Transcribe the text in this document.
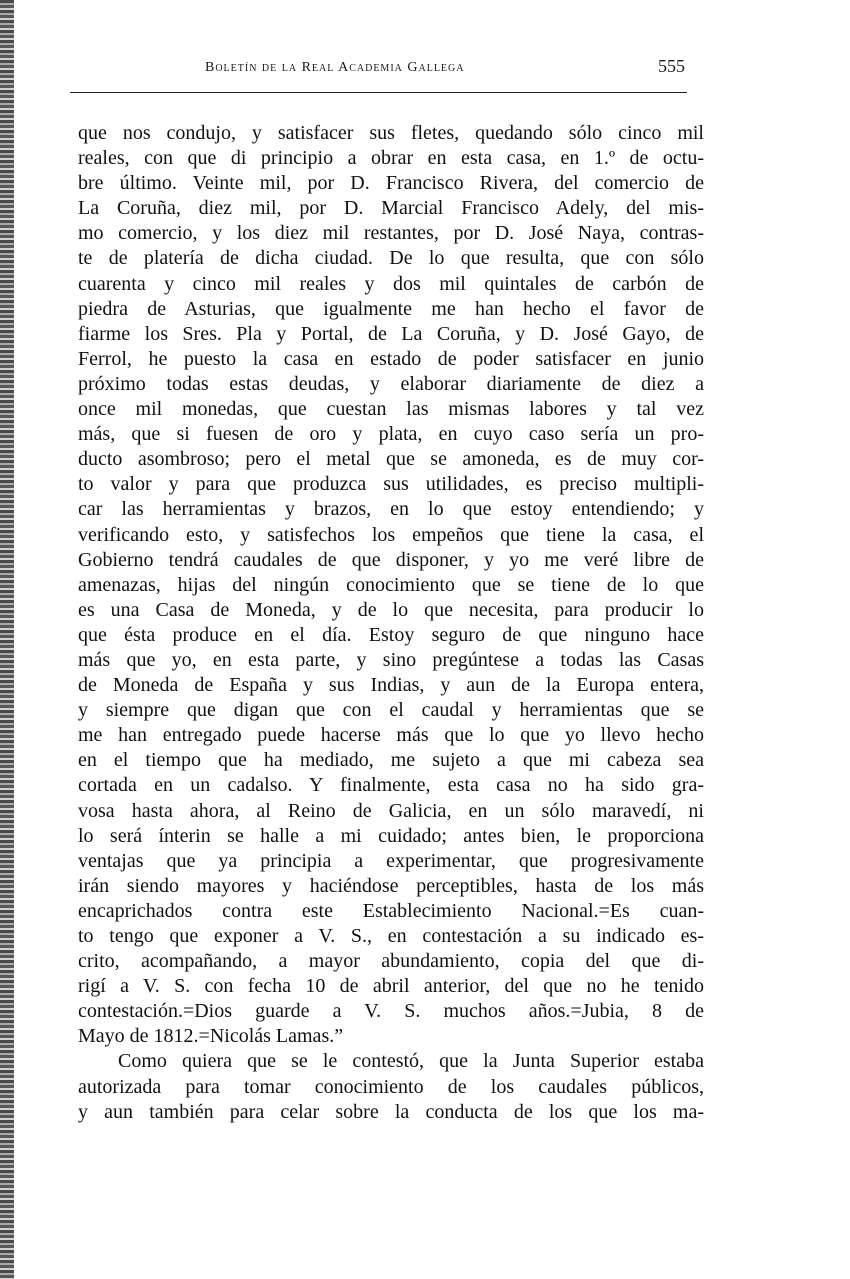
Boletín de la Real Academia Gallega	555
que nos condujo, y satisfacer sus fletes, quedando sólo cinco mil
reales, con que di principio a obrar en esta casa, en 1.º de octu-
bre último. Veinte mil, por D. Francisco Rivera, del comercio de
La Coruña, diez mil, por D. Marcial Francisco Adely, del mis-
mo comercio, y los diez mil restantes, por D. José Naya, contras-
te de platería de dicha ciudad. De lo que resulta, que con sólo
cuarenta y cinco mil reales y dos mil quintales de carbón de
piedra de Asturias, que igualmente me han hecho el favor de
fiarme los Sres. Pla y Portal, de La Coruña, y D. José Gayo, de
Ferrol, he puesto la casa en estado de poder satisfacer en junio
próximo todas estas deudas, y elaborar diariamente de diez a
once mil monedas, que cuestan las mismas labores y tal vez
más, que si fuesen de oro y plata, en cuyo caso sería un pro-
ducto asombroso; pero el metal que se amoneda, es de muy cor-
to valor y para que produzca sus utilidades, es preciso multipli-
car las herramientas y brazos, en lo que estoy entendiendo; y
verificando esto, y satisfechos los empeños que tiene la casa, el
Gobierno tendrá caudales de que disponer, y yo me veré libre de
amenazas, hijas del ningún conocimiento que se tiene de lo que
es una Casa de Moneda, y de lo que necesita, para producir lo
que ésta produce en el día. Estoy seguro de que ninguno hace
más que yo, en esta parte, y sino pregúntese a todas las Casas
de Moneda de España y sus Indias, y aun de la Europa entera,
y siempre que digan que con el caudal y herramientas que se
me han entregado puede hacerse más que lo que yo llevo hecho
en el tiempo que ha mediado, me sujeto a que mi cabeza sea
cortada en un cadalso. Y finalmente, esta casa no ha sido gra-
vosa hasta ahora, al Reino de Galicia, en un sólo maravedí, ni
lo será ínterin se halle a mi cuidado; antes bien, le proporciona
ventajas que ya principia a experimentar, que progresivamente
irán siendo mayores y haciéndose perceptibles, hasta de los más
encaprichados contra este Establecimiento Nacional.=Es cuan-
to tengo que exponer a V. S., en contestación a su indicado es-
crito, acompañando, a mayor abundamiento, copia del que di-
rigí a V. S. con fecha 10 de abril anterior, del que no he tenido
contestación.=Dios guarde a V. S. muchos años.=Jubia, 8 de
Mayo de 1812.=Nicolás Lamas.”
Como quiera que se le contestó, que la Junta Superior estaba
autorizada para tomar conocimiento de los caudales públicos,
y aun también para celar sobre la conducta de los que los ma-
